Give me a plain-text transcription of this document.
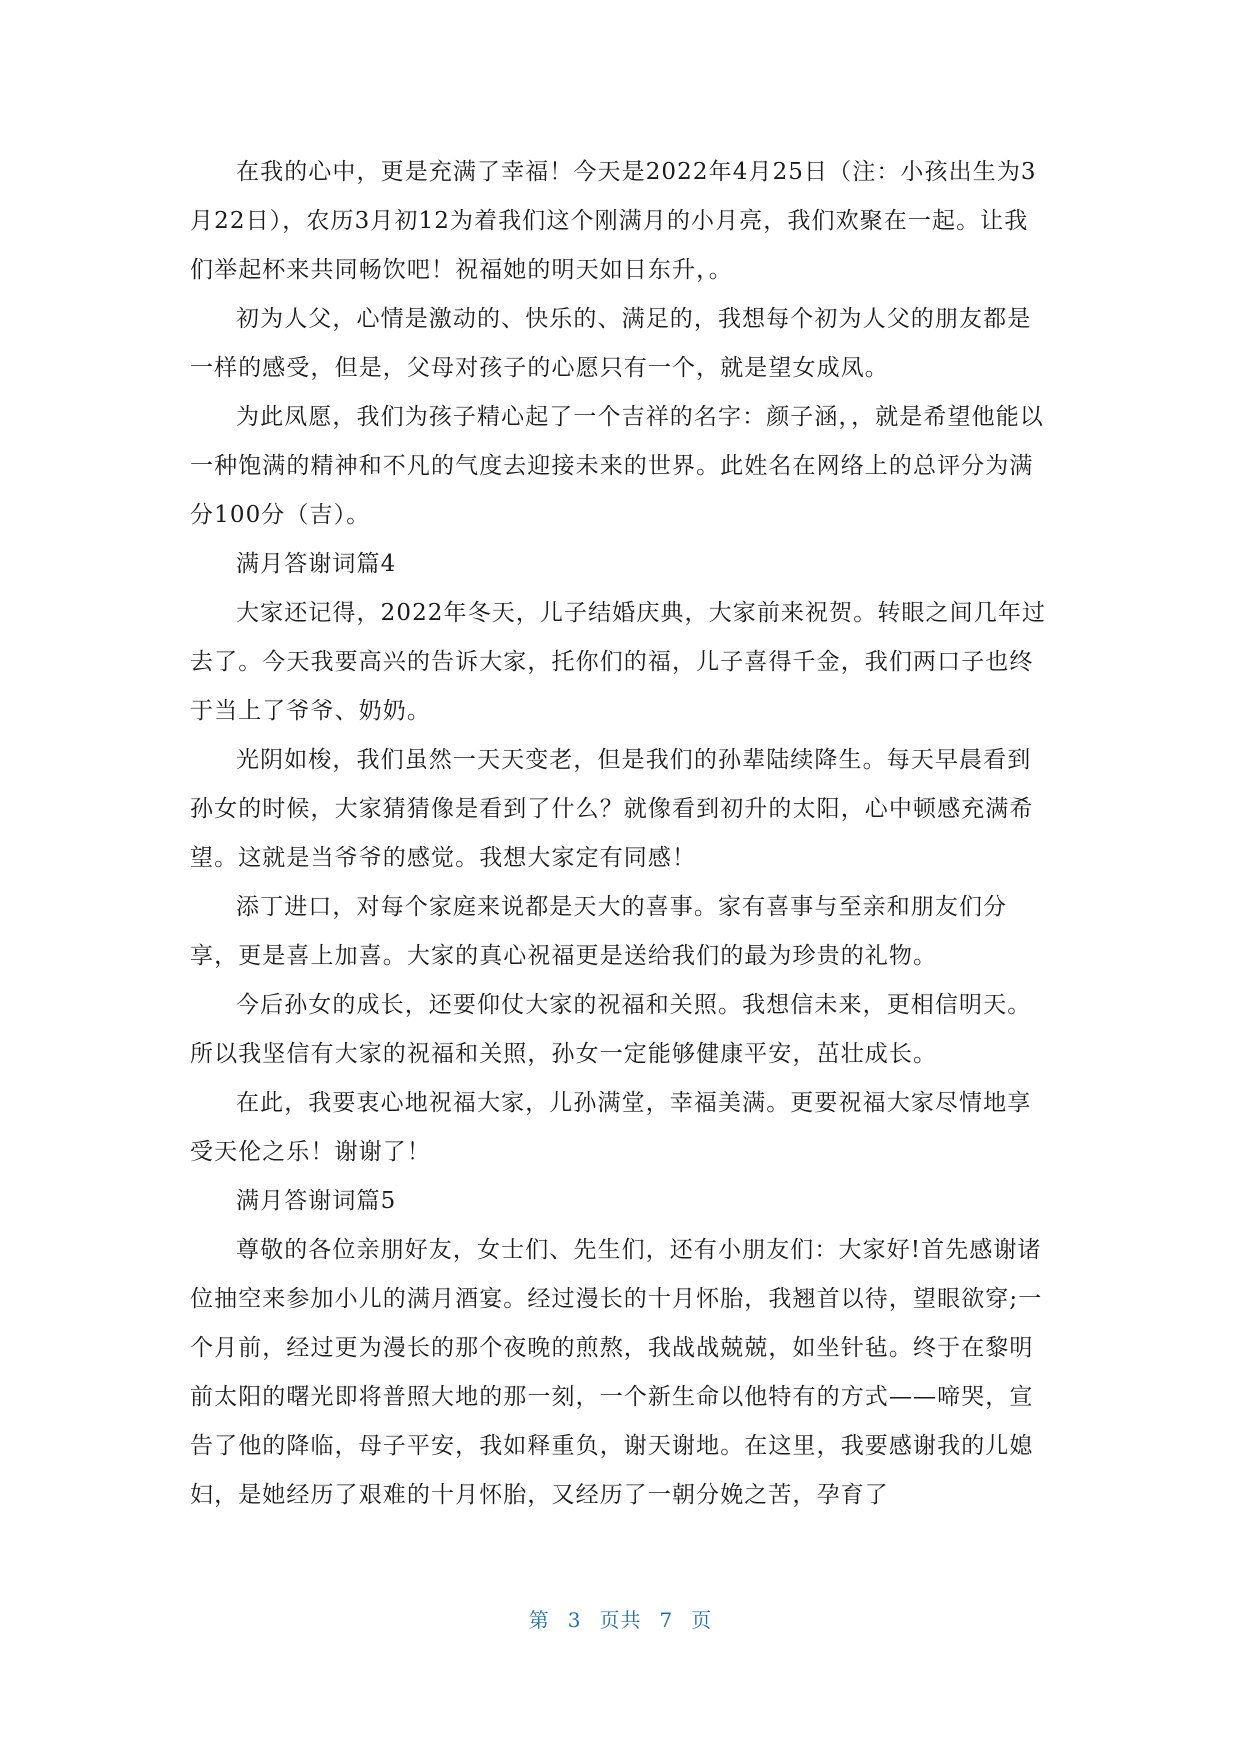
在我的心中，更是充满了幸福！今天是2022年4月25日（注：小孩出生为3月22日），农历3月初12为着我们这个刚满月的小月亮，我们欢聚在一起。让我们举起杯来共同畅饮吧！祝福她的明天如日东升，。

初为人父，心情是激动的、快乐的、满足的，我想每个初为人父的朋友都是一样的感受，但是，父母对孩子的心愿只有一个，就是望女成凤。

为此凤愿，我们为孩子精心起了一个吉祥的名字：颜子涵，，就是希望他能以一种饱满的精神和不凡的气度去迎接未来的世界。此姓名在网络上的总评分为满分100分（吉）。

满月答谢词篇4

大家还记得，2022年冬天，儿子结婚庆典，大家前来祝贺。转眼之间几年过去了。今天我要高兴的告诉大家，托你们的福，儿子喜得千金，我们两口子也终于当上了爷爷、奶奶。

光阴如梭，我们虽然一天天变老，但是我们的孙辈陆续降生。每天早晨看到孙女的时候，大家猜猜像是看到了什么？就像看到初升的太阳，心中顿感充满希望。这就是当爷爷的感觉。我想大家定有同感！

添丁进口，对每个家庭来说都是天大的喜事。家有喜事与至亲和朋友们分享，更是喜上加喜。大家的真心祝福更是送给我们的最为珍贵的礼物。

今后孙女的成长，还要仰仗大家的祝福和关照。我想信未来，更相信明天。所以我坚信有大家的祝福和关照，孙女一定能够健康平安，茁壮成长。

在此，我要衷心地祝福大家，儿孙满堂，幸福美满。更要祝福大家尽情地享受天伦之乐！谢谢了！

满月答谢词篇5

尊敬的各位亲朋好友，女士们、先生们，还有小朋友们：大家好!首先感谢诸位抽空来参加小儿的满月酒宴。经过漫长的十月怀胎，我翘首以待，望眼欲穿;一个月前，经过更为漫长的那个夜晚的煎熬，我战战兢兢，如坐针毡。终于在黎明前太阳的曙光即将普照大地的那一刻，一个新生命以他特有的方式——啼哭，宣告了他的降临，母子平安，我如释重负，谢天谢地。在这里，我要感谢我的儿媳妇，是她经历了艰难的十月怀胎，又经历了一朝分娩之苦，孕育了

第 3 页共 7 页
